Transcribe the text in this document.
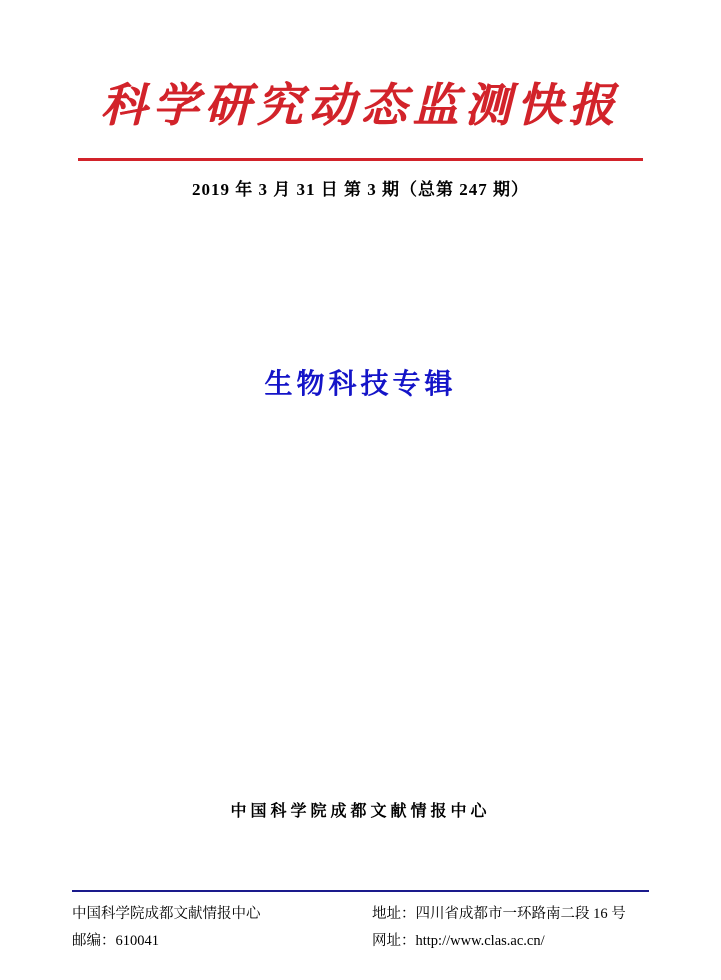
科学研究动态监测快报
2019 年 3 月 31 日 第 3 期（总第 247 期）
生物科技专辑
中国科学院成都文献情报中心
中国科学院成都文献情报中心	地址：四川省成都市一环路南二段 16 号
邮编：610041	网址：http://www.clas.ac.cn/
